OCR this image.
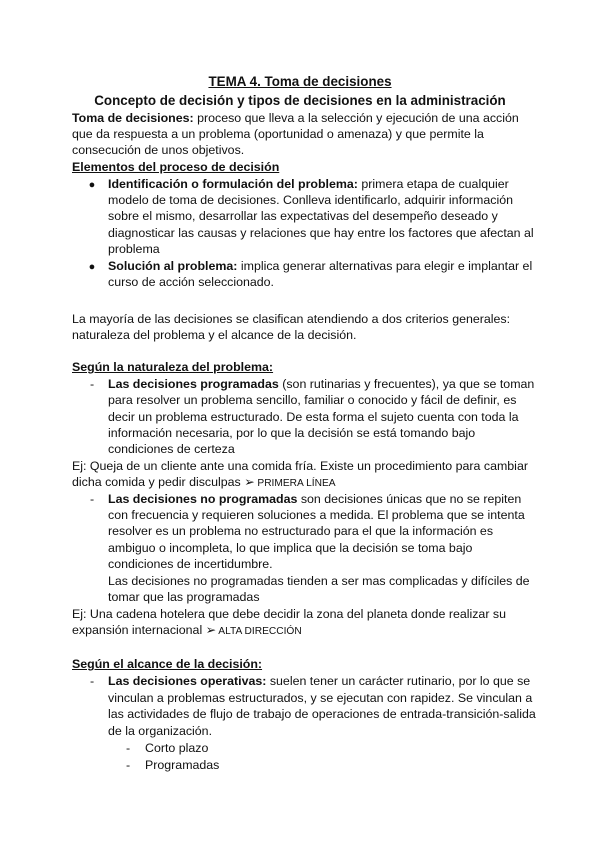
TEMA 4. Toma de decisiones
Concepto de decisión y tipos de decisiones en la administración
Toma de decisiones: proceso que lleva a la selección y ejecución de una acción
que da respuesta a un problema (oportunidad o amenaza) y que permite la
consecución de unos objetivos.
Elementos del proceso de decisión
● Identificación o formulación del problema: primera etapa de cualquier
modelo de toma de decisiones. Conlleva identificarlo, adquirir información
sobre el mismo, desarrollar las expectativas del desempeño deseado y
diagnosticar las causas y relaciones que hay entre los factores que afectan al
problema
● Solución al problema: implica generar alternativas para elegir e implantar el
curso de acción seleccionado.
La mayoría de las decisiones se clasifican atendiendo a dos criterios generales:
naturaleza del problema y el alcance de la decisión.
Según la naturaleza del problema:
-	Las decisiones programadas (son rutinarias y frecuentes), ya que se toman
para resolver un problema sencillo, familiar o conocido y fácil de definir, es
decir un problema estructurado. De esta forma el sujeto cuenta con toda la
información necesaria, por lo que la decisión se está tomando bajo
condiciones de certeza
Ej: Queja de un cliente ante una comida fría. Existe un procedimiento para cambiar
dicha comida y pedir disculpas ➢ PRIMERA LÍNEA
-	Las decisiones no programadas son decisiones únicas que no se repiten
con frecuencia y requieren soluciones a medida. El problema que se intenta
resolver es un problema no estructurado para el que la información es
ambiguo o incompleta, lo que implica que la decisión se toma bajo
condiciones de incertidumbre.
Las decisiones no programadas tienden a ser mas complicadas y difíciles de
tomar que las programadas
Ej: Una cadena hotelera que debe decidir la zona del planeta donde realizar su
expansión internacional ➢ ALTA DIRECCIÓN
Según el alcance de la decisión:
-	Las decisiones operativas: suelen tener un carácter rutinario, por lo que se
vinculan a problemas estructurados, y se ejecutan con rapidez. Se vinculan a
las actividades de flujo de trabajo de operaciones de entrada-transición-salida
de la organización.
-	Corto plazo
-	Programadas
